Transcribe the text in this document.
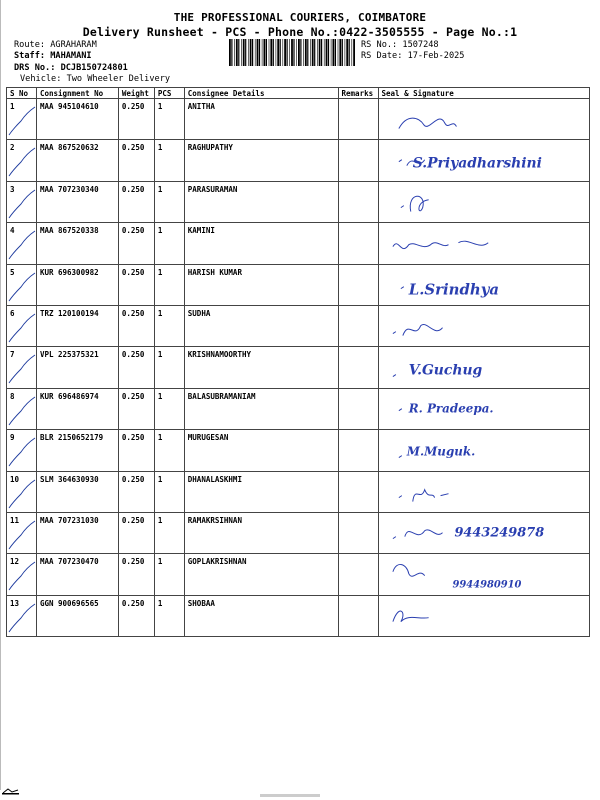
THE PROFESSIONAL COURIERS, COIMBATORE
Delivery Runsheet - PCS - Phone No.:0422-3505555 - Page No.:1
Route: AGRAHARAM
Staff: MAHAMANI
DRS No.: DCJB150724801
Vehicle: Two Wheeler Delivery
RS No.: 1507248
RS Date: 17-Feb-2025
S No	Consignment No	Weight	PCS	Consignee Details	Remarks	Seal & Signature
1	MAA 945104610	0.250	1	ANITHA		

2	MAA 867520632	0.250	1	RAGHUPATHY		S.Priyadharshini

3	MAA 707230340	0.250	1	PARASURAMAN		

4	MAA 867520338	0.250	1	KAMINI		

5	KUR 696300982	0.250	1	HARISH KUMAR		L.Srindhya

6	TRZ 120100194	0.250	1	SUDHA		

7	VPL 225375321	0.250	1	KRISHNAMOORTHY		V.Guchug

8	KUR 696486974	0.250	1	BALASUBRAMANIAM		R. Pradeepa.

9	BLR 2150652179	0.250	1	MURUGESAN		M.Muguk.

10	SLM 364630930	0.250	1	DHANALASKHMI		

11	MAA 707231030	0.250	1	RAMAKRSIHNAN		9443249878

12	MAA 707230470	0.250	1	GOPLAKRISHNAN		9944980910

13	GGN 900696565	0.250	1	SHOBAA		
